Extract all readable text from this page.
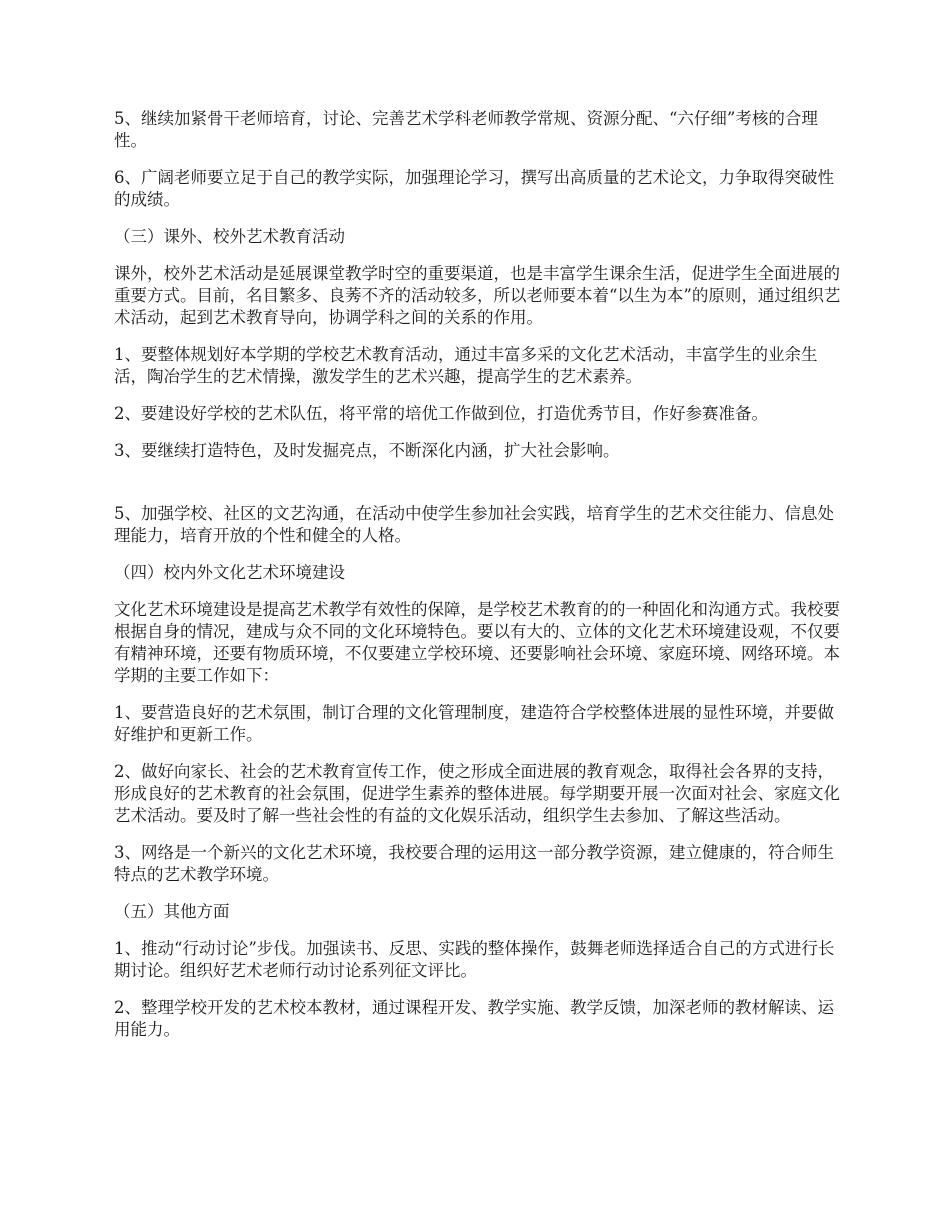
5、继续加紧骨干老师培育，讨论、完善艺术学科老师教学常规、资源分配、“六仔细”考核的合理性。

6、广阔老师要立足于自己的教学实际，加强理论学习，撰写出高质量的艺术论文，力争取得突破性的成绩。

（三）课外、校外艺术教育活动

课外，校外艺术活动是延展课堂教学时空的重要渠道，也是丰富学生课余生活，促进学生全面进展的重要方式。目前，名目繁多、良莠不齐的活动较多，所以老师要本着“以生为本”的原则，通过组织艺术活动，起到艺术教育导向，协调学科之间的关系的作用。

1、要整体规划好本学期的学校艺术教育活动，通过丰富多采的文化艺术活动，丰富学生的业余生活，陶冶学生的艺术情操，激发学生的艺术兴趣，提高学生的艺术素养。

2、要建设好学校的艺术队伍，将平常的培优工作做到位，打造优秀节目，作好参赛准备。

3、要继续打造特色，及时发掘亮点，不断深化内涵，扩大社会影响。

5、加强学校、社区的文艺沟通，在活动中使学生参加社会实践，培育学生的艺术交往能力、信息处理能力，培育开放的个性和健全的人格。

（四）校内外文化艺术环境建设

文化艺术环境建设是提高艺术教学有效性的保障，是学校艺术教育的的一种固化和沟通方式。我校要根据自身的情况，建成与众不同的文化环境特色。要以有大的、立体的文化艺术环境建设观，不仅要有精神环境，还要有物质环境，不仅要建立学校环境、还要影响社会环境、家庭环境、网络环境。本学期的主要工作如下：

1、要营造良好的艺术氛围，制订合理的文化管理制度，建造符合学校整体进展的显性环境，并要做好维护和更新工作。

2、做好向家长、社会的艺术教育宣传工作，使之形成全面进展的教育观念，取得社会各界的支持，形成良好的艺术教育的社会氛围，促进学生素养的整体进展。每学期要开展一次面对社会、家庭文化艺术活动。要及时了解一些社会性的有益的文化娱乐活动，组织学生去参加、了解这些活动。

3、网络是一个新兴的文化艺术环境，我校要合理的运用这一部分教学资源，建立健康的，符合师生特点的艺术教学环境。

（五）其他方面

1、推动“行动讨论”步伐。加强读书、反思、实践的整体操作，鼓舞老师选择适合自己的方式进行长期讨论。组织好艺术老师行动讨论系列征文评比。

2、整理学校开发的艺术校本教材，通过课程开发、教学实施、教学反馈，加深老师的教材解读、运用能力。
